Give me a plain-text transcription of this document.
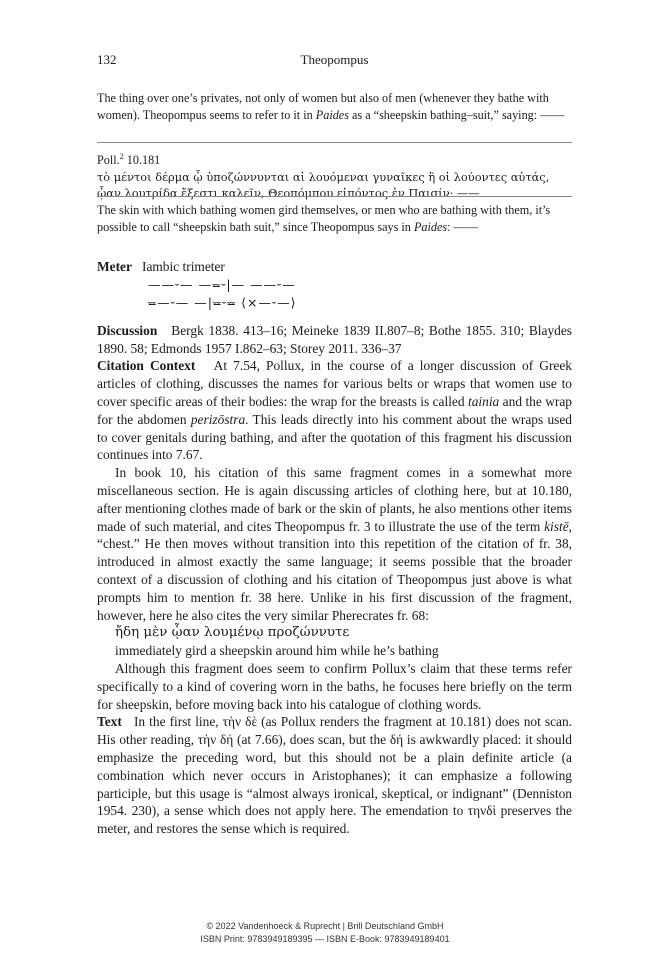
132	Theopompus
The thing over one’s privates, not only of women but also of men (whenever they bathe with women). Theopompus seems to refer to it in Paides as a “sheepskin bathing–suit,” saying: ——
Poll.$^2$ 10.181
τὸ μέντοι δέρμα ᾧ ὑποζώννυνται αἱ λουόμεναι γυναῖκες ἢ οἱ λούοντες αὐτάς, ᾦαν λουτρίδα ἔξεστι καλεῖν, Θεοπόμπου εἰπόντος ἐν Παισίν· ——
The skin with which bathing women gird themselves, or men who are bathing with them, it’s possible to call “sheepskin bath suit,” since Theopompus says in Paides: ——

Meter Iambic trimeter

——⏑— —⏕⏑|— ——⏑—
⏕—⏑— —|⏕⏑⏕ ⟨×—⏑—⟩

Discussion Bergk 1838. 413–16; Meineke 1839 II.807–8; Bothe 1855. 310; Blaydes 1890. 58; Edmonds 1957 I.862–63; Storey 2011. 336–37

Citation Context At 7.54, Pollux, in the course of a longer discussion of Greek articles of clothing, discusses the names for various belts or wraps that women use to cover specific areas of their bodies: the wrap for the breasts is called tainia and the wrap for the abdomen perizōstra. This leads directly into his comment about the wraps used to cover genitals during bathing, and after the quotation of this fragment his discussion continues into 7.67.

In book 10, his citation of this same fragment comes in a somewhat more miscellaneous section. He is again discussing articles of clothing here, but at 10.180, after mentioning clothes made of bark or the skin of plants, he also mentions other items made of such material, and cites Theopompus fr. 3 to illustrate the use of the term kistē, “chest.” He then moves without transition into this repetition of the citation of fr. 38, introduced in almost exactly the same language; it seems possible that the broader context of a discussion of clothing and his citation of Theopompus just above is what prompts him to mention fr. 38 here. Unlike in his first discussion of the fragment, however, here he also cites the very similar Pherecrates fr. 68:

ἤδη μὲν ᾦαν λουμένῳ προζώννυτε

immediately gird a sheepskin around him while he’s bathing

Although this fragment does seem to confirm Pollux’s claim that these terms refer specifically to a kind of covering worn in the baths, he focuses here briefly on the term for sheepskin, before moving back into his catalogue of clothing words.

Text In the first line, τὴν δὲ (as Pollux renders the fragment at 10.181) does not scan. His other reading, τὴν δή (at 7.66), does scan, but the δή is awkwardly placed: it should emphasize the preceding word, but this should not be a plain definite article (a combination which never occurs in Aristophanes); it can emphasize a following participle, but this usage is “almost always ironical, skeptical, or indignant” (Denniston 1954. 230), a sense which does not apply here. The emendation to τηνδὶ preserves the meter, and restores the sense which is required.

© 2022 Vandenhoeck & Ruprecht | Brill Deutschland GmbH
ISBN Print: 9783949189395 — ISBN E-Book: 9783949189401
